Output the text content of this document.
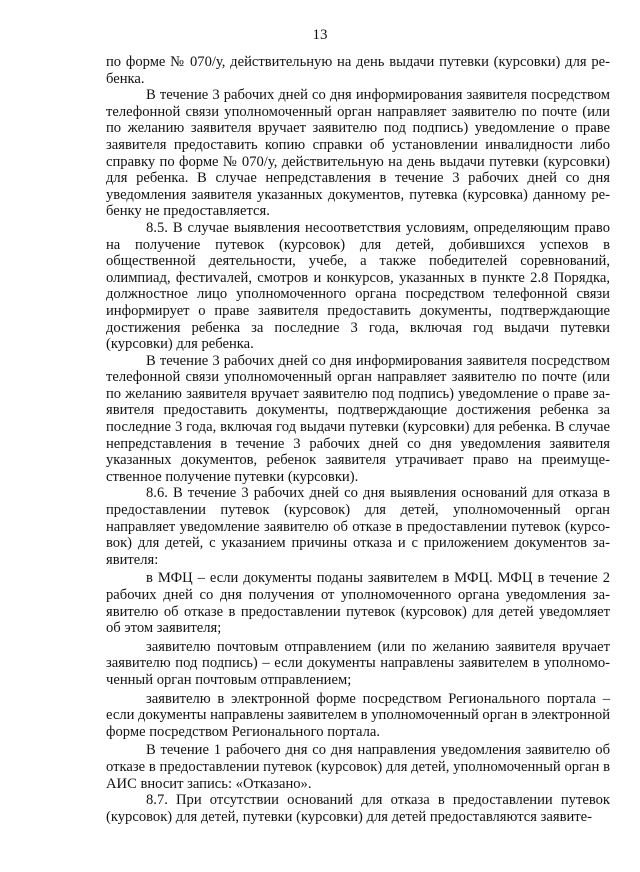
13

по форме № 070/у, действительную на день выдачи путевки (курсовки) для ребенка.

В течение 3 рабочих дней со дня информирования заявителя посредством телефонной связи уполномоченный орган направляет заявителю по почте (или по желанию заявителя вручает заявителю под подпись) уведомление о праве заявителя предоставить копию справки об установлении инвалидности либо справку по форме № 070/у, действительную на день выдачи путевки (курсовки) для ребенка. В случае непредставления в течение 3 рабочих дней со дня уведомления заявителя указанных документов, путевка (курсовка) данному ребенку не предоставляется.

8.5. В случае выявления несоответствия условиям, определяющим право на получение путевок (курсовок) для детей, добившихся успехов в общественной деятельности, учебе, а также победителей соревнований, олимпиад, фестиvалей, смотров и конкурсов, указанных в пункте 2.8 Порядка, должностное лицо уполномоченного органа посредством телефонной связи информирует о праве заявителя предоставить документы, подтверждающие достижения ребенка за последние 3 года, включая год выдачи путевки (курсовки) для ребенка.

В течение 3 рабочих дней со дня информирования заявителя посредством телефонной связи уполномоченный орган направляет заявителю по почте (или по желанию заявителя вручает заявителю под подпись) уведомление о праве заявителя предоставить документы, подтверждающие достижения ребенка за последние 3 года, включая год выдачи путевки (курсовки) для ребенка. В случае непредставления в течение 3 рабочих дней со дня уведомления заявителя указанных документов, ребенок заявителя утрачивает право на преимущественное получение путевки (курсовки).

8.6. В течение 3 рабочих дней со дня выявления оснований для отказа в предоставлении путевок (курсовок) для детей, уполномоченный орган направляет уведомление заявителю об отказе в предоставлении путевок (курсовок) для детей, с указанием причины отказа и с приложением документов заявителя:

в МФЦ – если документы поданы заявителем в МФЦ. МФЦ в течение 2 рабочих дней со дня получения от уполномоченного органа уведомления заявителю об отказе в предоставлении путевок (курсовок) для детей уведомляет об этом заявителя;

заявителю почтовым отправлением (или по желанию заявителя вручает заявителю под подпись) – если документы направлены заявителем в уполномоченный орган почтовым отправлением;

заявителю в электронной форме посредством Регионального портала – если документы направлены заявителем в уполномоченный орган в электронной форме посредством Регионального портала.

В течение 1 рабочего дня со дня направления уведомления заявителю об отказе в предоставлении путевок (курсовок) для детей, уполномоченный орган в АИС вносит запись: «Отказано».

8.7. При отсутствии оснований для отказа в предоставлении путевок (курсовок) для детей, путевки (курсовки) для детей предоставляются заявите-
